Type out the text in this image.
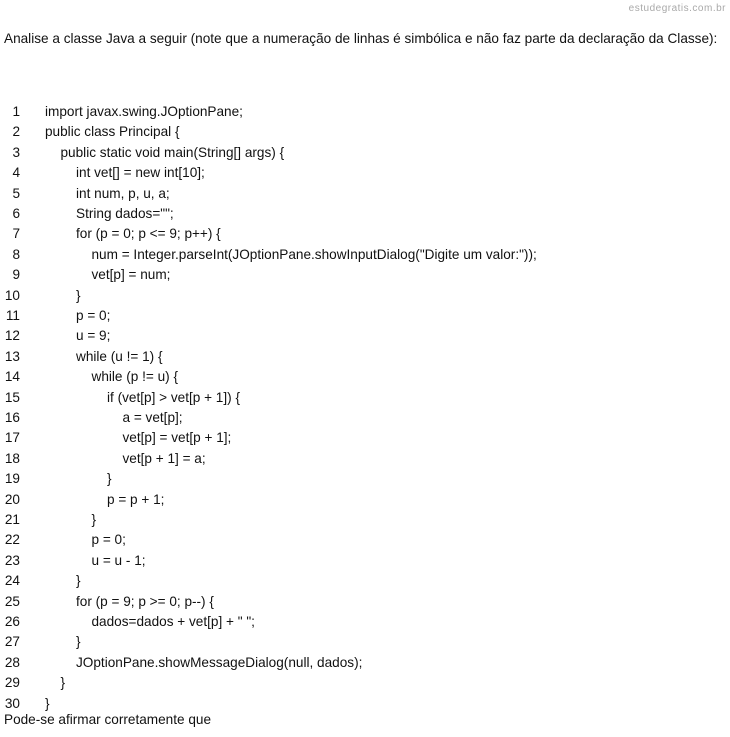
estudegratis.com.br
Analise a classe Java a seguir (note que a numeração de linhas é simbólica e não faz parte da declaração da Classe):
1 import javax.swing.JOptionPane;
2 public class Principal {
3	public static void main(String[] args) {
4	int vet[] = new int[10];
5	int num, p, u, a;
6	String dados="";
7	for (p = 0; p <= 9; p++) {
8	num = Integer.parseInt(JOptionPane.showInputDialog("Digite um valor:"));
9	vet[p] = num;
10	}
11	p = 0;
12	u = 9;
13	while (u != 1) {
14	while (p != u) {
15	if (vet[p] > vet[p + 1]) {
16	a = vet[p];
17	vet[p] = vet[p + 1];
18	vet[p + 1] = a;
19	}
20	p = p + 1;
21	}
22	p = 0;
23	u = u - 1;
24	}
25	for (p = 9; p >= 0; p--) {
26	dados=dados + vet[p] + " ";
27	}
28	JOptionPane.showMessageDialog(null, dados);
29	}
30 }
Pode-se afirmar corretamente que
